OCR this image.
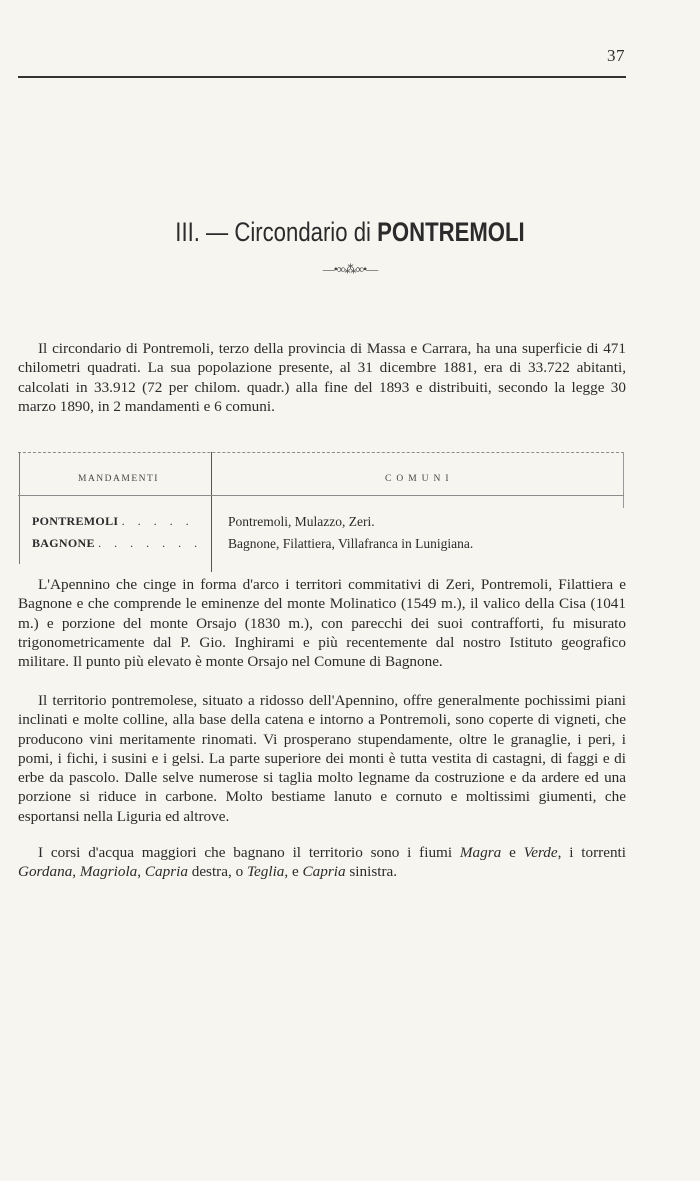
37
III. — Circondario di PONTREMOLI
—•∞⁂∞•—

Il circondario di Pontremoli, terzo della provincia di Massa e Carrara, ha una superficie di 471 chilometri quadrati. La sua popolazione presente, al 31 dicembre 1881, era di 33.722 abitanti, calcolati in 33.912 (72 per chilom. quadr.) alla fine del 1893 e distribuiti, secondo la legge 30 marzo 1890, in 2 mandamenti e 6 comuni.

MANDAMENTI	COMUNI
PONTREMOLI . . . . .	Pontremoli, Mulazzo, Zeri.
BAGNONE . . . . . . . Bagnone, Filattiera, Villafranca in Lunigiana.

L'Apennino che cinge in forma d'arco i territori commitativi di Zeri, Pontremoli, Filattiera e Bagnone e che comprende le eminenze del monte Molinatico (1549 m.), il valico della Cisa (1041 m.) e porzione del monte Orsajo (1830 m.), con parecchi dei suoi contrafforti, fu misurato trigonometricamente dal P. Gio. Inghirami e più recentemente dal nostro Istituto geografico militare. Il punto più elevato è monte Orsajo nel Comune di Bagnone.

Il territorio pontremolese, situato a ridosso dell'Apennino, offre generalmente pochissimi piani inclinati e molte colline, alla base della catena e intorno a Pontremoli, sono coperte di vigneti, che producono vini meritamente rinomati. Vi prosperano stupendamente, oltre le granaglie, i peri, i pomi, i fichi, i susini e i gelsi. La parte superiore dei monti è tutta vestita di castagni, di faggi e di erbe da pascolo. Dalle selve numerose si taglia molto legname da costruzione e da ardere ed una porzione si riduce in carbone. Molto bestiame lanuto e cornuto e moltissimi giumenti, che esportansi nella Liguria ed altrove.

I corsi d'acqua maggiori che bagnano il territorio sono i fiumi Magra e Verde, i torrenti Gordana, Magriola, Capria destra, o Teglia, e Capria sinistra.
